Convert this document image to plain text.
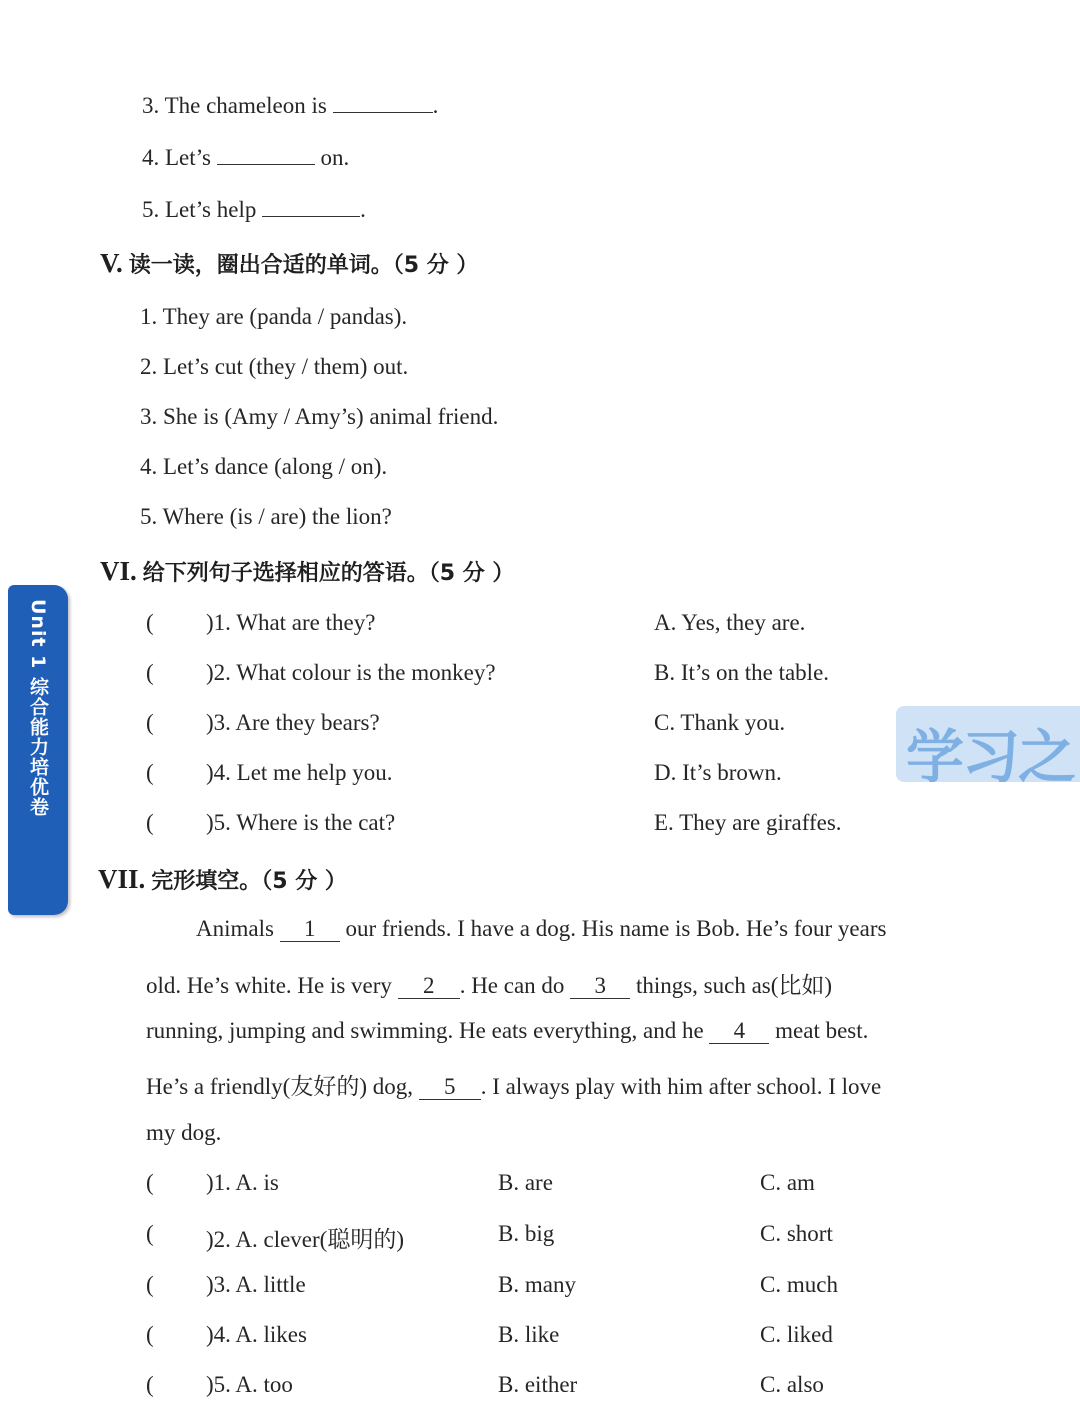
3. The chameleon is	.
4. Let’s	on.
5. Let’s help	.
V. 读一读，圈出合适的单词。（5 分 ）
1. They are (panda / pandas).
2. Let’s cut (they / them) out.
3. She is (Amy / Amy’s) animal friend.
4. Let’s dance (along / on).
5. Where (is / are) the lion?
VI. 给下列句子选择相应的答语。（5 分 ）
( )1. What are they?	A. Yes, they are.
( )2. What colour is the monkey?	B. It’s on the table.
( )3. Are they bears?	C. Thank you.
( )4. Let me help you.	D. It’s brown.
( )5. Where is the cat?	E. They are giraffes.
VII. 完形填空。（5 分 ）
Animals 1 our friends. I have a dog. His name is Bob. He’s four years
old. He’s white. He is very 2 . He can do 3 things, such as(比如)
running, jumping and swimming. He eats everything, and he 4 meat best.
He’s a friendly(友好的) dog, 5 . I always play with him after school. I love
my dog.
( )1. A. is	B. are	C. am
( )2. A. clever(聪明的)	B. big	C. short
( )3. A. little	B. many	C. much
( )4. A. likes	B. like	C. liked
( )5. A. too	B. either	C. also
Unit 1 综合能力培优卷	学习之
